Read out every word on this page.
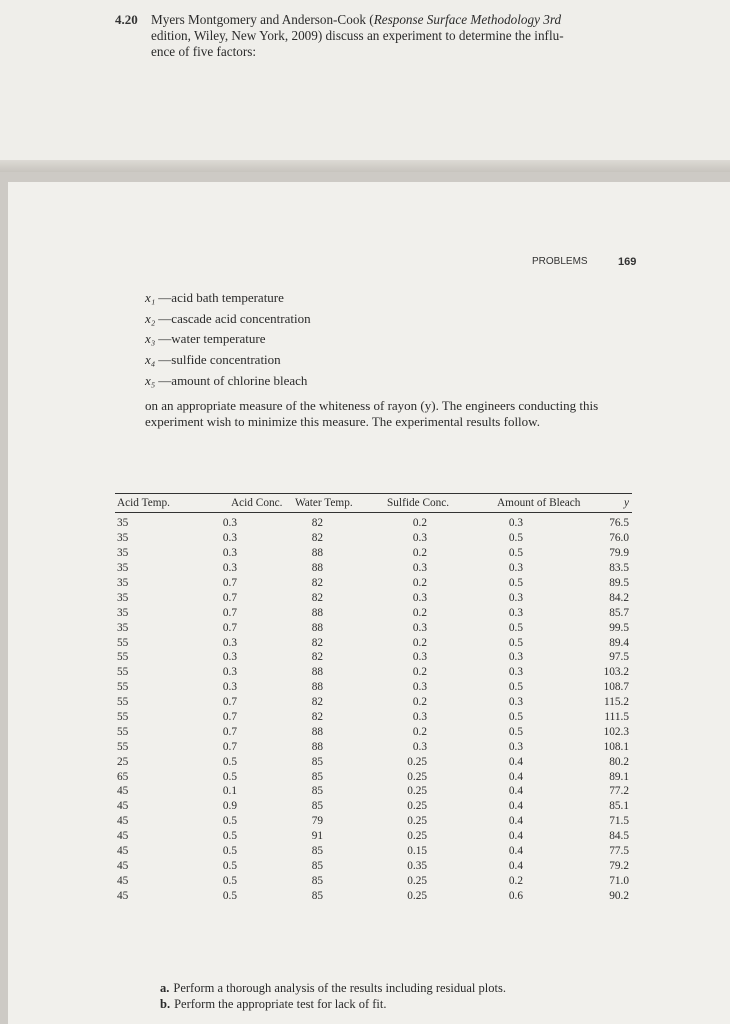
4.20 Myers Montgomery and Anderson-Cook (Response Surface Methodology 3rd
edition, Wiley, New York, 2009) discuss an experiment to determine the influ-
ence of five factors:
PROBLEMS	169
x₁ —acid bath temperature
x₂ —cascade acid concentration
x₃ —water temperature
x₄ —sulfide concentration
x₅ —amount of chlorine bleach
on an appropriate measure of the whiteness of rayon (y). The engineers conducting this experiment wish to minimize this measure. The experimental results follow.
Acid Temp.	Acid Conc.	Water Temp.	Sulfide Conc.	Amount of Bleach	y
35	0.3	82	0.2	0.3	76.5
35	0.3	82	0.3	0.5	76.0
35	0.3	88	0.2	0.5	79.9
35	0.3	88	0.3	0.3	83.5
35	0.7	82	0.2	0.5	89.5
35	0.7	82	0.3	0.3	84.2
35	0.7	88	0.2	0.3	85.7
35	0.7	88	0.3	0.5	99.5
55	0.3	82	0.2	0.5	89.4
55	0.3	82	0.3	0.3	97.5
55	0.3	88	0.2	0.3	103.2
55	0.3	88	0.3	0.5	108.7
55	0.7	82	0.2	0.3	115.2
55	0.7	82	0.3	0.5	111.5
55	0.7	88	0.2	0.5	102.3
55	0.7	88	0.3	0.3	108.1
25	0.5	85	0.25	0.4	80.2
65	0.5	85	0.25	0.4	89.1
45	0.1	85	0.25	0.4	77.2
45	0.9	85	0.25	0.4	85.1
45	0.5	79	0.25	0.4	71.5
45	0.5	91	0.25	0.4	84.5
45	0.5	85	0.15	0.4	77.5
45	0.5	85	0.35	0.4	79.2
45	0.5	85	0.25	0.2	71.0
45	0.5	85	0.25	0.6	90.2
a. Perform a thorough analysis of the results including residual plots.
b. Perform the appropriate test for lack of fit.
